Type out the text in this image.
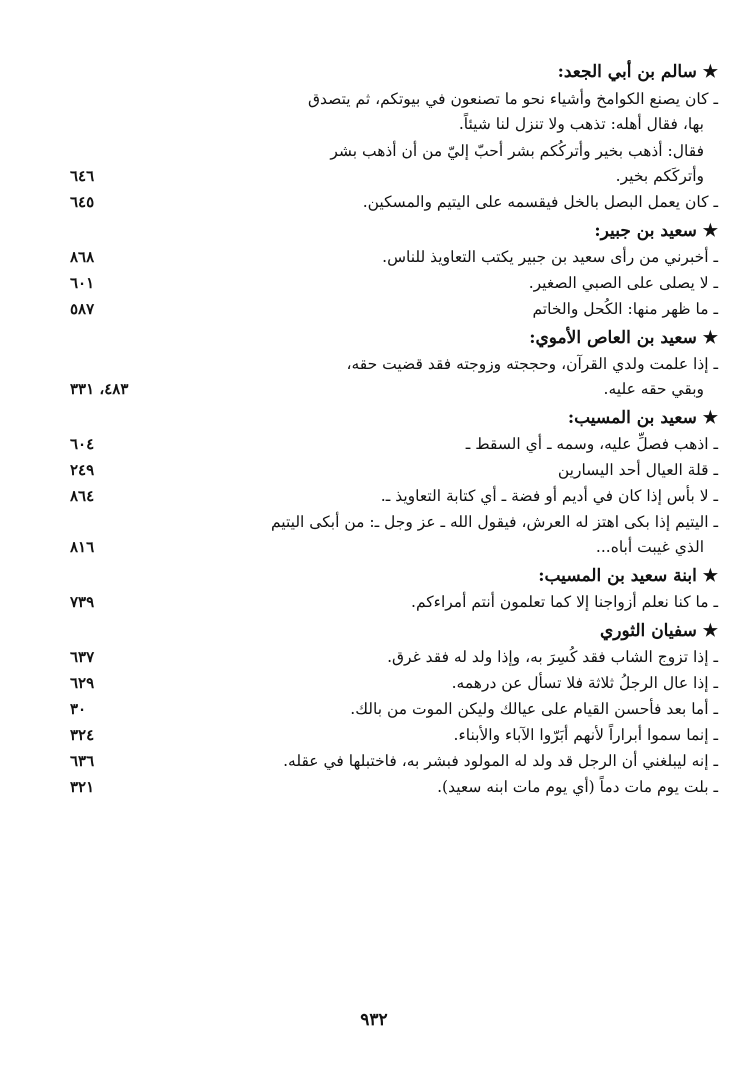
★ سالم بن أبي الجعد:
ـ كان يصنع الكوامخ وأشياء نحو ما تصنعون في بيوتكم، ثم يتصدق
بها، فقال أهله: تذهب ولا تنزل لنا شيئاً.
فقال: أذهب بخير وأتركُكم بشر أحبّ إليّ من أن أذهب بشر
وأتركَكم بخير.
٦٤٦
ـ كان يعمل البصل بالخل فيقسمه على اليتيم والمسكين.
٦٤٥
★ سعيد بن جبير:
ـ أخبرني من رأى سعيد بن جبير يكتب التعاويذ للناس.
٨٦٨
ـ لا يصلى على الصبي الصغير.
٦٠١
ـ ما ظهر منها: الكُحل والخاتم
٥٨٧
★ سعيد بن العاص الأموي:
ـ إذا علمت ولدي القرآن، وحججته وزوجته فقد قضيت حقه،
وبقي حقه عليه.
٤٨٣، ٣٣١
★ سعيد بن المسيب:
ـ اذهب فصلِّ عليه، وسمه ـ أي السقط ـ
٦٠٤
ـ قلة العيال أحد اليسارين
٢٤٩
ـ لا بأس إذا كان في أديم أو فضة ـ أي كتابة التعاويذ ـ.
٨٦٤
ـ اليتيم إذا بكى اهتز له العرش، فيقول الله ـ عز وجل ـ: من أبكى اليتيم
الذي غيبت أباه...
٨١٦
★ ابنة سعيد بن المسيب:
ـ ما كنا نعلم أزواجنا إلا كما تعلمون أنتم أمراءكم.
٧٣٩
★ سفيان الثوري
ـ إذا تزوج الشاب فقد كُسِرَ به، وإذا ولد له فقد غرق.
٦٣٧
ـ إذا عال الرجلُ ثلاثة فلا تسأل عن درهمه.
٦٢٩
ـ أما بعد فأحسن القيام على عيالك وليكن الموت من بالك.
٣٠
ـ إنما سموا أبراراً لأنهم أبَرّوا الآباء والأبناء.
٣٢٤
ـ إنه ليبلغني أن الرجل قد ولد له المولود فبشر به، فاختبلها في عقله.
٦٣٦
ـ بلت يوم مات دماً (أي يوم مات ابنه سعيد).
٣٢١
٩٣٢
